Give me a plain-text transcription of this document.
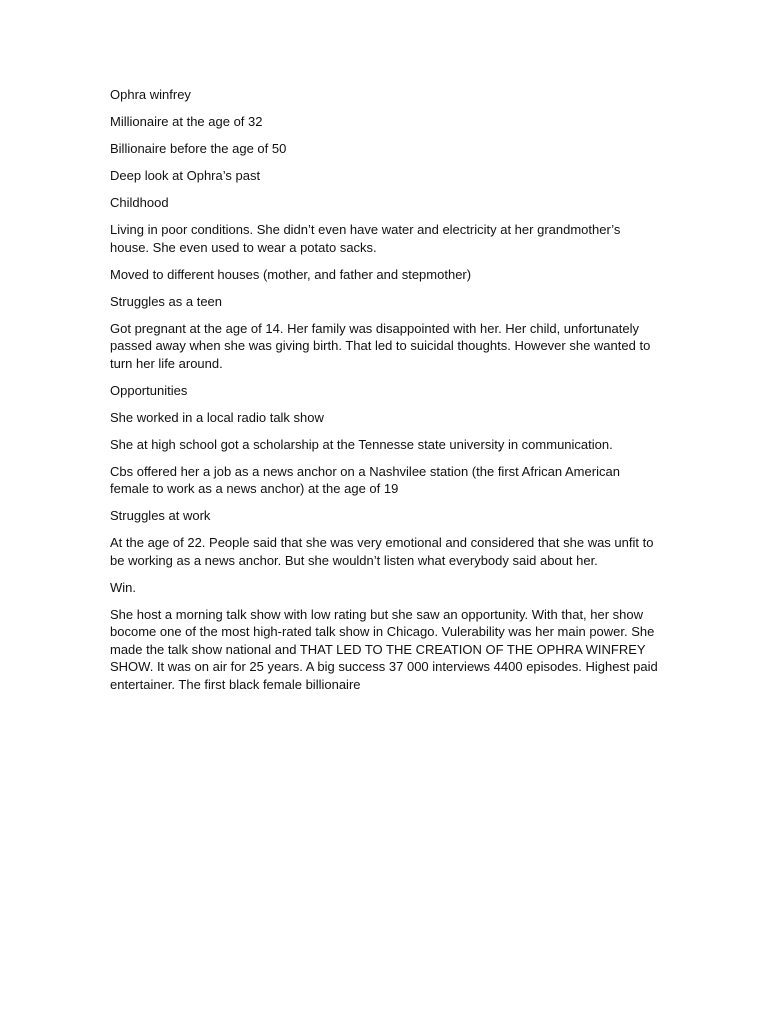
Ophra winfrey

Millionaire at the age of 32

Billionaire before the age of 50

Deep look at Ophra’s past

Childhood

Living in poor conditions. She didn’t even have water and electricity at her grandmother’s house. She even used to wear a potato sacks.

Moved to different houses (mother, and father and stepmother)

Struggles as a teen

Got pregnant at the age of 14. Her family was disappointed with her. Her child, unfortunately passed away when she was giving birth. That led to suicidal thoughts. However she wanted to turn her life around.

Opportunities

She worked in a local radio talk show

She at high school got a scholarship at the Tennesse state university in communication.

Cbs offered her a job as a news anchor on a Nashvilee station (the first African American female to work as a news anchor) at the age of 19

Struggles at work

At the age of 22. People said that she was very emotional and considered that she was unfit to be working as a news anchor. But she wouldn’t listen what everybody said about her.

Win.

She host a morning talk show with low rating but she saw an opportunity. With that, her show bocome one of the most high-rated talk show in Chicago. Vulerability was her main power. She made the talk show national and THAT LED TO THE CREATION OF THE OPHRA WINFREY SHOW. It was on air for 25 years. A big success 37 000 interviews 4400 episodes. Highest paid entertainer. The first black female billionaire
